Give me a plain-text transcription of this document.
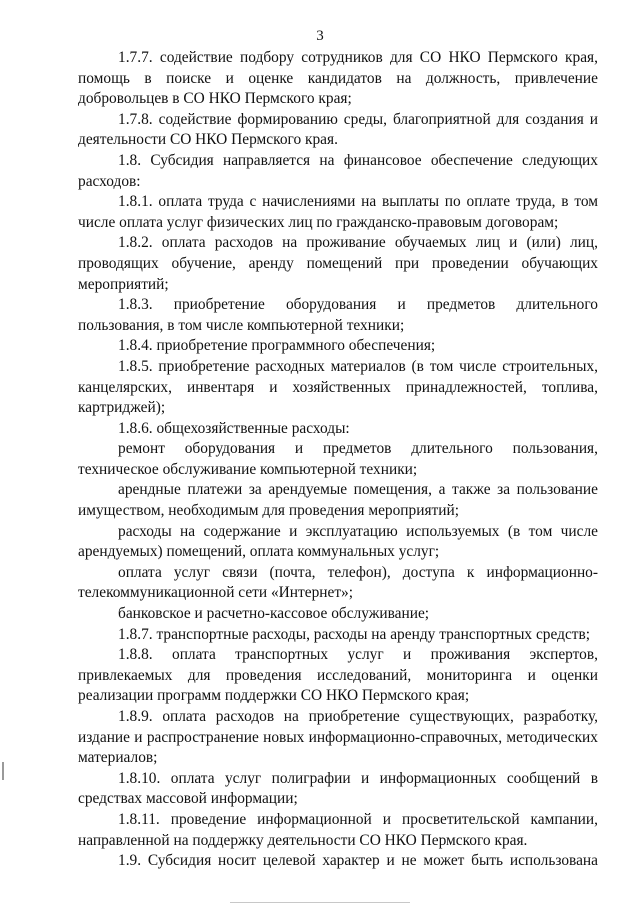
3

1.7.7. содействие подбору сотрудников для СО НКО Пермского края, помощь в поиске и оценке кандидатов на должность, привлечение добровольцев в СО НКО Пермского края;

1.7.8. содействие формированию среды, благоприятной для создания и деятельности СО НКО Пермского края.

1.8. Субсидия направляется на финансовое обеспечение следующих расходов:

1.8.1. оплата труда с начислениями на выплаты по оплате труда, в том числе оплата услуг физических лиц по гражданско-правовым договорам;

1.8.2. оплата расходов на проживание обучаемых лиц и (или) лиц, проводящих обучение, аренду помещений при проведении обучающих мероприятий;

1.8.3. приобретение оборудования и предметов длительного пользования, в том числе компьютерной техники;

1.8.4. приобретение программного обеспечения;

1.8.5. приобретение расходных материалов (в том числе строительных, канцелярских, инвентаря и хозяйственных принадлежностей, топлива, картриджей);

1.8.6. общехозяйственные расходы:

ремонт оборудования и предметов длительного пользования, техническое обслуживание компьютерной техники;

арендные платежи за арендуемые помещения, а также за пользование имуществом, необходимым для проведения мероприятий;

расходы на содержание и эксплуатацию используемых (в том числе арендуемых) помещений, оплата коммунальных услуг;

оплата услуг связи (почта, телефон), доступа к информационно-телекоммуникационной сети «Интернет»;

банковское и расчетно-кассовое обслуживание;

1.8.7. транспортные расходы, расходы на аренду транспортных средств;

1.8.8. оплата транспортных услуг и проживания экспертов, привлекаемых для проведения исследований, мониторинга и оценки реализации программ поддержки СО НКО Пермского края;

1.8.9. оплата расходов на приобретение существующих, разработку, издание и распространение новых информационно-справочных, методических материалов;

1.8.10. оплата услуг полиграфии и информационных сообщений в средствах массовой информации;

1.8.11. проведение информационной и просветительской кампании, направленной на поддержку деятельности СО НКО Пермского края.

1.9. Субсидия носит целевой характер и не может быть использована
